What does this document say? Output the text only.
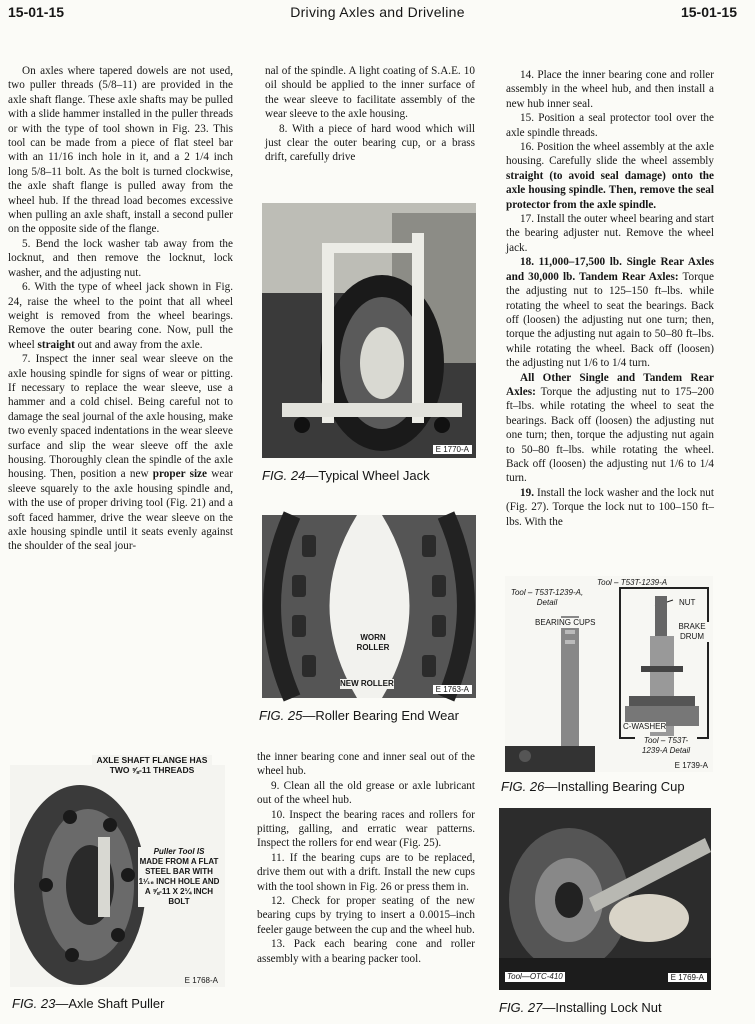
15-01-15	Driving Axles and Driveline	15-01-15

On axles where tapered dowels are not used, two puller threads (5/8–11) are provided in the axle shaft flange. These axle shafts may be pulled with a slide hammer installed in the puller threads or with the type of tool shown in Fig. 23. This tool can be made from a piece of flat steel bar with an 11/16 inch hole in it, and a 2 1/4 inch long 5/8–11 bolt. As the bolt is turned clockwise, the axle shaft flange is pulled away from the wheel hub. If the thread load becomes excessive when pulling an axle shaft, install a second puller on the opposite side of the flange.

5. Bend the lock washer tab away from the locknut, and then remove the locknut, lock washer, and the adjusting nut.

6. With the type of wheel jack shown in Fig. 24, raise the wheel to the point that all wheel weight is removed from the wheel bearings. Remove the outer bearing cone. Now, pull the wheel straight out and away from the axle.

7. Inspect the inner seal wear sleeve on the axle housing spindle for signs of wear or pitting. If necessary to replace the wear sleeve, use a hammer and a cold chisel. Being careful not to damage the seal journal of the axle housing, make two evenly spaced indentations in the wear sleeve surface and slip the wear sleeve off the axle housing. Thoroughly clean the spindle of the axle housing. Then, position a new proper size wear sleeve squarely to the axle housing spindle and, with the use of proper driving tool (Fig. 21) and a soft faced hammer, drive the wear sleeve on the axle housing spindle until it seats evenly against the shoulder of the seal jour-

nal of the spindle. A light coating of S.A.E. 10 oil should be applied to the inner surface of the wear sleeve to facilitate assembly of the wear sleeve to the axle housing.

8. With a piece of hard wood which will just clear the outer bearing cup, or a brass drift, carefully drive

the inner bearing cone and inner seal out of the wheel hub.

9. Clean all the old grease or axle lubricant out of the wheel hub.

10. Inspect the bearing races and rollers for pitting, galling, and erratic wear patterns. Inspect the rollers for end wear (Fig. 25).

11. If the bearing cups are to be replaced, drive them out with a drift. Install the new cups with the tool shown in Fig. 26 or press them in.

12. Check for proper seating of the new bearing cups by trying to insert a 0.0015–inch feeler gauge between the cup and the wheel hub.

13. Pack each bearing cone and roller assembly with a bearing packer tool.

14. Place the inner bearing cone and roller assembly in the wheel hub, and then install a new hub inner seal.

15. Position a seal protector tool over the axle spindle threads.

16. Position the wheel assembly at the axle housing. Carefully slide the wheel assembly straight (to avoid seal damage) onto the axle housing spindle. Then, remove the seal protector from the axle spindle.

17. Install the outer wheel bearing and start the bearing adjuster nut. Remove the wheel jack.

18. 11,000–17,500 lb. Single Rear Axles and 30,000 lb. Tandem Rear Axles: Torque the adjusting nut to 125–150 ft–lbs. while rotating the wheel to seat the bearings. Back off (loosen) the adjusting nut one turn; then, torque the adjusting nut again to 50–80 ft–lbs. while rotating the wheel. Back off (loosen) the adjusting nut 1/6 to 1/4 turn.

All Other Single and Tandem Rear Axles: Torque the adjusting nut to 175–200 ft–lbs. while rotating the wheel to seat the bearings. Back off (loosen) the adjusting nut one turn; then, torque the adjusting nut again to 50–80 ft–lbs. while rotating the wheel. Back off (loosen) the adjusting nut 1/6 to 1/4 turn.

19. Install the lock washer and the lock nut (Fig. 27). Torque the lock nut to 100–150 ft–lbs. With the

E 1770-A
FIG. 24—Typical Wheel Jack
WORN ROLLER
NEW ROLLER
E 1763-A
FIG. 25—Roller Bearing End Wear
AXLE SHAFT FLANGE HAS TWO ⅝-11 THREADS
Puller Tool IS
MADE FROM A FLAT STEEL BAR WITH 1¹⁄₁₆ INCH HOLE AND A ⅝-11 X 2¼ INCH BOLT
E 1768-A
FIG. 23—Axle Shaft Puller
Tool – T53T-1239-A
Tool – T53T-1239-A, Detail	NUT
BRAKE DRUM
BEARING CUPS
C-WASHER
Tool – T53T-1239-A Detail
E 1739-A
FIG. 26—Installing Bearing Cup
Tool—OTC-410	E 1769-A
FIG. 27—Installing Lock Nut
